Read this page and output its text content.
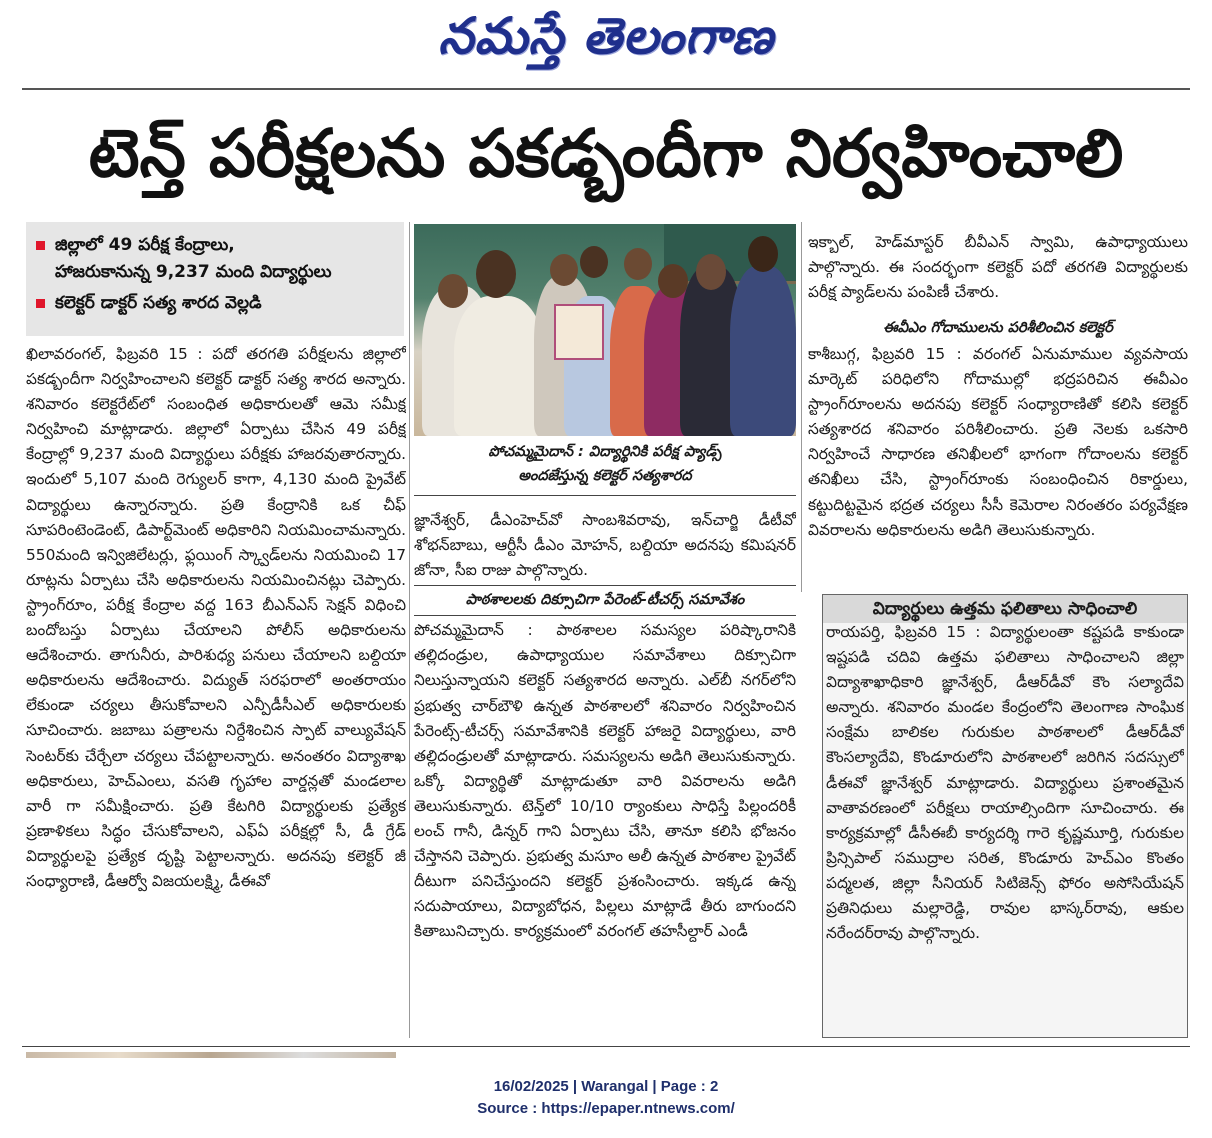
నమస్తే తెలంగాణ
టెన్త్ పరీక్షలను పకడ్బందీగా నిర్వహించాలి
జిల్లాలో 49 పరీక్ష కేంద్రాలు,
హాజరుకానున్న 9,237 మంది విద్యార్థులు
కలెక్టర్ డాక్టర్ సత్య శారద వెల్లడి

ఖిలావరంగల్, ఫిబ్రవరి 15 : పదో తరగతి పరీక్షలను జిల్లాలో పకడ్బందీగా నిర్వహించాలని కలెక్టర్ డాక్టర్ సత్య శారద అన్నారు. శనివారం కలెక్టరేట్‌లో సంబంధిత అధికారులతో ఆమె సమీక్ష నిర్వహించి మాట్లాడారు. జిల్లాలో ఏర్పాటు చేసిన 49 పరీక్ష కేంద్రాల్లో 9,237 మంది విద్యార్థులు పరీక్షకు హాజరవుతారన్నారు. ఇందులో 5,107 మంది రెగ్యులర్ కాగా, 4,130 మంది ప్రైవేట్ విద్యార్థులు ఉన్నారన్నారు. ప్రతి కేంద్రానికి ఒక చీఫ్ సూపరింటెండెంట్, డిపార్ట్‌మెంట్ అధికారిని నియమించామన్నారు. 550మంది ఇన్విజిలేటర్లు, ఫ్లయింగ్ స్క్వాడ్‌లను నియమించి 17 రూట్లను ఏర్పాటు చేసి అధికారులను నియమించినట్లు చెప్పారు. స్ట్రాంగ్‌రూం, పరీక్ష కేంద్రాల వద్ద 163 బీఎన్ఎస్ సెక్షన్ విధించి బందోబస్తు ఏర్పాటు చేయాలని పోలీస్ అధికారులను ఆదేశించారు. తాగునీరు, పారిశుధ్య పనులు చేయాలని బల్దియా అధికారులను ఆదేశించారు. విద్యుత్ సరఫరాలో అంతరాయం లేకుండా చర్యలు తీసుకోవాలని ఎన్పీడీసీఎల్ అధికారులకు సూచించారు. జబాబు పత్రాలను నిర్దేశించిన స్పాట్ వాల్యువేషన్ సెంటర్‌కు చేర్చేలా చర్యలు చేపట్టాలన్నారు. అనంతరం విద్యాశాఖ అధికారులు, హెచ్ఎంలు, వసతి గృహాల వార్డన్లతో మండలాల వారీ గా సమీక్షించారు. ప్రతి కేటగిరి విద్యార్థులకు ప్రత్యేక ప్రణాళికలు సిద్ధం చేసుకోవాలని, ఎఫ్ఏ పరీక్షల్లో సీ, డీ గ్రేడ్ విద్యార్థులపై ప్రత్యేక దృష్టి పెట్టాలన్నారు. అదనపు కలెక్టర్ జీ సంధ్యారాణి, డీఆర్వో విజయలక్ష్మి, డీఈవో

పోచమ్మమైదాన్ : విద్యార్థినికి పరీక్ష ప్యాడ్స్
అందజేస్తున్న కలెక్టర్ సత్యశారద

జ్ఞానేశ్వర్, డీఎంహెచ్‌వో సాంబశివరావు, ఇన్‌చార్జి డీటీవో శోభన్‌బాబు, ఆర్టీసీ డీఎం మోహన్, బల్దియా అదనపు కమిషనర్ జోనా, సీఐ రాజు పాల్గొన్నారు.

పాఠశాలలకు దిక్సూచిగా పేరెంట్-టీచర్స్ సమావేశం

పోచమ్మమైదాన్ : పాఠశాలల సమస్యల పరిష్కారానికి తల్లిదండ్రుల, ఉపాధ్యాయుల సమావేశాలు దిక్సూచిగా నిలుస్తున్నాయని కలెక్టర్ సత్యశారద అన్నారు. ఎల్‌బీ నగర్‌లోని ప్రభుత్వ చార్‌బౌళి ఉన్నత పాఠశాలలో శనివారం నిర్వహించిన పేరెంట్స్-టీచర్స్ సమావేశానికి కలెక్టర్ హాజరై విద్యార్థులు, వారి తల్లిదండ్రులతో మాట్లాడారు. సమస్యలను అడిగి తెలుసుకున్నారు. ఒక్కో విద్యార్థితో మాట్లాడుతూ వారి వివరాలను అడిగి తెలుసుకున్నారు. టెన్త్‌లో 10/10 ర్యాంకులు సాధిస్తే పిల్లందరికీ లంచ్ గానీ, డిన్నర్ గాని ఏర్పాటు చేసి, తానూ కలిసి భోజనం చేస్తానని చెప్పారు. ప్రభుత్వ మసూం అలీ ఉన్నత పాఠశాల ప్రైవేట్ దీటుగా పనిచేస్తుందని కలెక్టర్ ప్రశంసించారు. ఇక్కడ ఉన్న సదుపాయాలు, విద్యాబోధన, పిల్లలు మాట్లాడే తీరు బాగుందని కితాబునిచ్చారు. కార్యక్రమంలో వరంగల్ తహసీల్దార్ ఎండీ

ఇక్బాల్, హెడ్‌మాస్టర్ బీవీఎన్ స్వామి, ఉపాధ్యాయులు పాల్గొన్నారు. ఈ సందర్భంగా కలెక్టర్ పదో తరగతి విద్యార్థులకు పరీక్ష ప్యాడ్‌లను పంపిణీ చేశారు.

ఈవీఎం గోదాములను పరిశీలించిన కలెక్టర్

కాశీబుగ్గ, ఫిబ్రవరి 15 : వరంగల్ ఏనుమాముల వ్యవసాయ మార్కెట్ పరిధిలోని గోదాముల్లో భద్రపరిచిన ఈవీఎం స్ట్రాంగ్‌రూంలను అదనపు కలెక్టర్ సంధ్యారాణితో కలిసి కలెక్టర్ సత్యశారద శనివారం పరిశీలించారు. ప్రతి నెలకు ఒకసారి నిర్వహించే సాధారణ తనిఖీలలో భాగంగా గోదాంలను కలెక్టర్ తనిఖీలు చేసి, స్ట్రాంగ్‌రూంకు సంబంధించిన రికార్డులు, కట్టుదిట్టమైన భద్రత చర్యలు సీసీ కెమెరాల నిరంతరం పర్యవేక్షణ వివరాలను అధికారులను అడిగి తెలుసుకున్నారు.

విద్యార్థులు ఉత్తమ ఫలితాలు సాధించాలి

రాయపర్తి, ఫిబ్రవరి 15 : విద్యార్థులంతా కష్టపడి కాకుండా ఇష్టపడి చదివి ఉత్తమ ఫలితాలు సాధించాలని జిల్లా విద్యాశాఖాధికారి జ్ఞానేశ్వర్, డీఆర్‌డీవో కౌం సల్యాదేవి అన్నారు. శనివారం మండల కేంద్రంలోని తెలంగాణ సాంఘిక సంక్షేమ బాలికల గురుకుల పాఠశాలలో డీఆర్‌డీవో కౌంసల్యాదేవి, కొండూరులోని పాఠశాలలో జరిగిన సదస్సులో డీఈవో జ్ఞానేశ్వర్ మాట్లాడారు. విద్యార్థులు ప్రశాంతమైన వాతావరణంలో పరీక్షలు రాయాల్సిందిగా సూచించారు. ఈ కార్యక్రమాల్లో డీసీఈబీ కార్యదర్శి గారె కృష్ణమూర్తి, గురుకుల ప్రిన్సిపాల్ సముద్రాల సరిత, కొండూరు హెచ్‌ఎం కొంతం పద్మలత, జిల్లా సీనియర్ సిటిజెన్స్ ఫోరం అసోసియేషన్ ప్రతినిధులు మల్లారెడ్డి, రావుల భాస్కర్‌రావు, ఆకుల నరేందర్‌రావు పాల్గొన్నారు.

16/02/2025 | Warangal | Page : 2
Source : https://epaper.ntnews.com/
